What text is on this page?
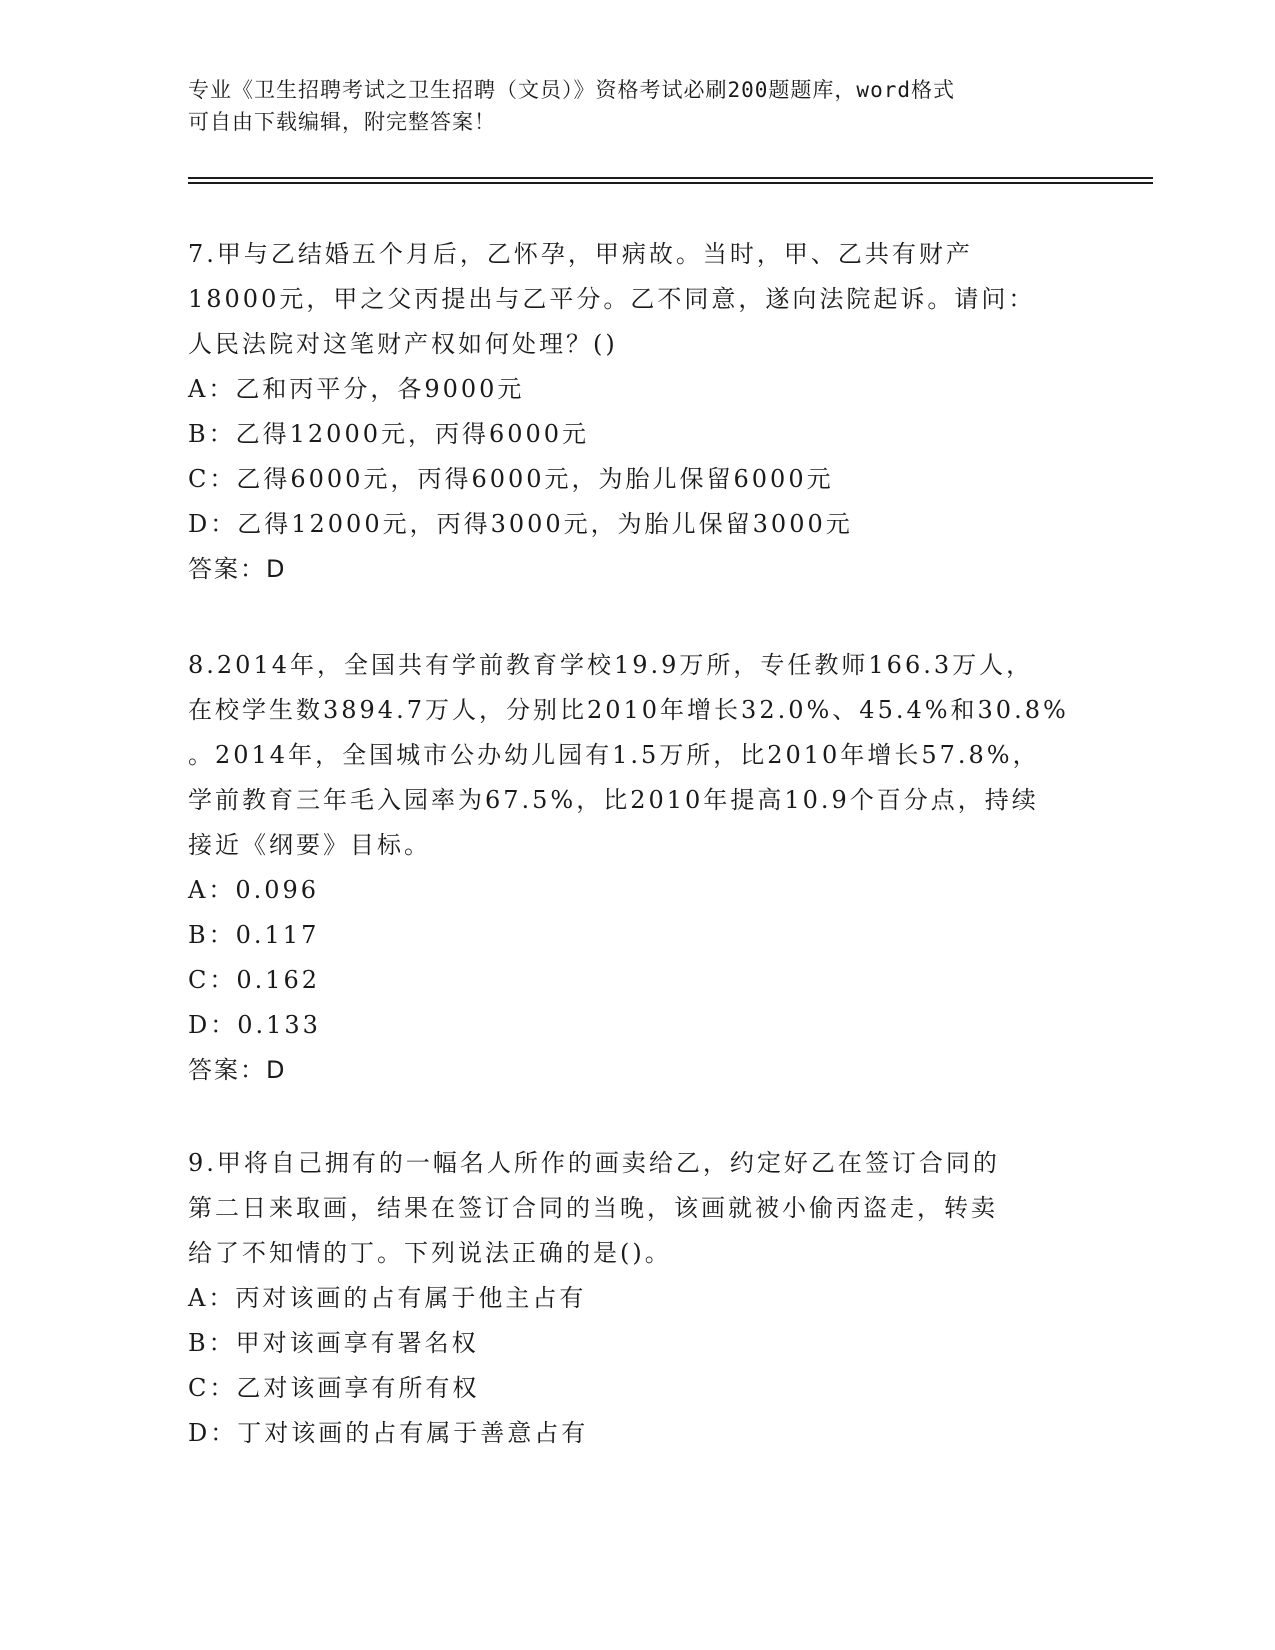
专业《卫生招聘考试之卫生招聘（文员）》资格考试必刷200题题库，word格式

可自由下载编辑，附完整答案！

7.甲与乙结婚五个月后，乙怀孕，甲病故。当时，甲、乙共有财产
18000元，甲之父丙提出与乙平分。乙不同意，遂向法院起诉。请问：
人民法院对这笔财产权如何处理？()

A：乙和丙平分，各9000元

B：乙得12000元，丙得6000元

C：乙得6000元，丙得6000元，为胎儿保留6000元

D：乙得12000元，丙得3000元，为胎儿保留3000元

答案：D

8.2014年，全国共有学前教育学校19.9万所，专任教师166.3万人，
在校学生数3894.7万人，分别比2010年增长32.0%、45.4%和30.8%
。2014年，全国城市公办幼儿园有1.5万所，比2010年增长57.8%，
学前教育三年毛入园率为67.5%，比2010年提高10.9个百分点，持续
接近《纲要》目标。

A：0.096

B：0.117

C：0.162

D：0.133

答案：D

9.甲将自己拥有的一幅名人所作的画卖给乙，约定好乙在签订合同的
第二日来取画，结果在签订合同的当晚，该画就被小偷丙盗走，转卖
给了不知情的丁。下列说法正确的是()。

A：丙对该画的占有属于他主占有

B：甲对该画享有署名权

C：乙对该画享有所有权

D：丁对该画的占有属于善意占有
